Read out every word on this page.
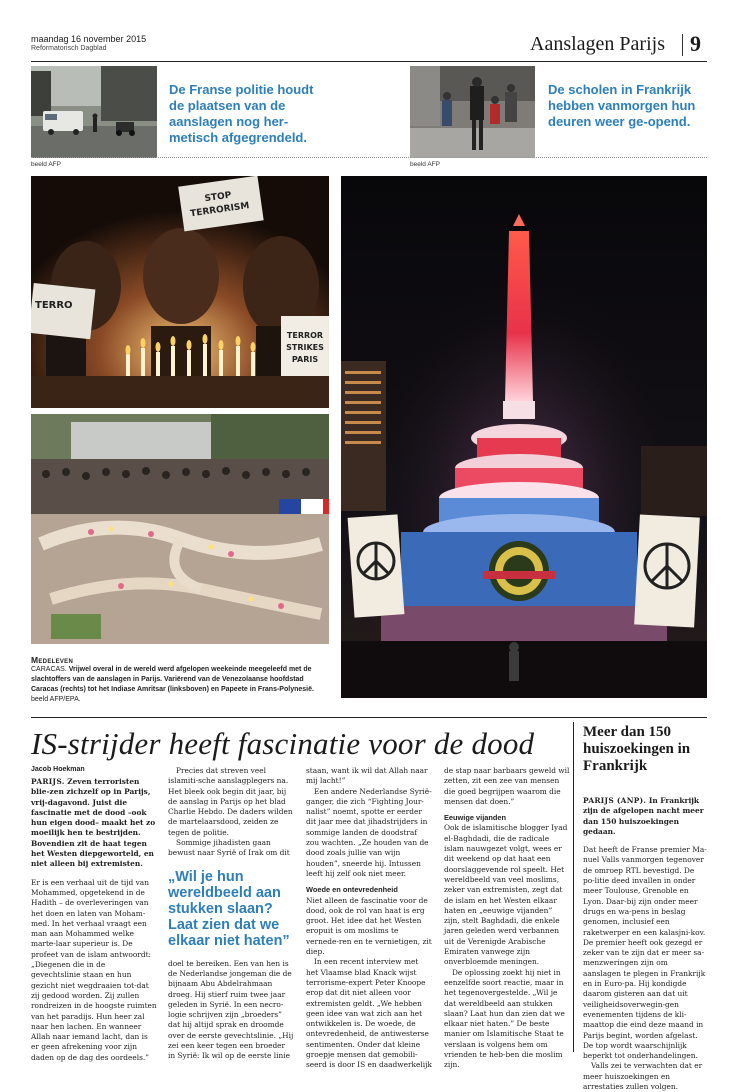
maandag 16 november 2015
Reformatorisch Dagblad	Aanslagen Parijs 9
De Franse politie houdt de plaatsen van de aanslagen nog her-metisch afgegrendeld.
beeld AFP
De scholen in Frankrijk hebben vanmorgen hun deuren weer ge-opend.
beeld AFP
STOP
TERRORISM
TERRO
TERROR
STRIKES
PARIS
Medeleven
CARACAS. Vrijwel overal in de wereld werd afgelopen weekeinde meegeleefd met de slachtoffers van de aanslagen in Parijs. Variërend van de Venezolaanse hoofdstad Caracas (rechts) tot het Indiase Amritsar (linksboven) en Papeete in Frans-Polynesië. beeld AFP/EPA.
IS-strijder heeft fascinatie voor de dood
Jacob Hoekman

PARIJS. Zeven terroristen blie-zen zichzelf op in Parijs, vrij-dagavond. Juist die fascinatie met de dood –ook hun eigen dood– maakt het zo moeilijk hen te bestrijden. Bovendien zit de haat tegen het Westen diepgeworteld, en niet alleen bij extremisten.

Er is een verhaal uit de tijd van Mohammed, opgetekend in de Hadith – de overleveringen van het doen en laten van Moham-med. In het verhaal vraagt een man aan Mohammed welke marte-laar superieur is. De profeet van de islam antwoordt: „Diegenen die in de gevechtslinie staan en hun gezicht niet wegdraaien tot-dat zij gedood worden. Zij zullen rondreizen in de hoogste ruimten van het paradijs. Hun heer zal naar hen lachen. En wanneer Allah naar iemand lacht, dan is er geen afrekening voor zijn daden op de dag des oordeels.”

Precies dat streven veel islamiti-sche aanslagplegers na. Het bleek ook begin dit jaar, bij de aanslag in Parijs op het blad Charlie Hebdo. De daders wilden de martelaarsdood, zeiden ze tegen de politie.

Sommige jihadisten gaan bewust naar Syrië of Irak om dit

„Wil je hun wereldbeeld aan stukken slaan? Laat zien dat we elkaar niet haten”

doel te bereiken. Een van hen is de Nederlandse jongeman die de bijnaam Abu Abdelrahmaan droeg. Hij stierf ruim twee jaar geleden in Syrië. In een necro-logie schrijven zijn „broeders” dat hij altijd sprak en droomde over de eerste gevechtslinie. „Hij zei een keer tegen een broeder in Syrië: Ik wil op de eerste linie

staan, want ik wil dat Allah naar mij lacht!”

Een andere Nederlandse Syrië-ganger, die zich “Fighting Jour-nalist” noemt, spotte er eerder dit jaar mee dat jihadstrijders in sommige landen de doodstraf zou wachten. „Ze houden van de dood zoals jullie van wijn houden”, sneerde hij. Intussen leeft hij zelf ook niet meer.

Woede en ontevredenheid

Niet alleen de fascinatie voor de dood, ook de rol van haat is erg groot. Het idee dat het Westen eropuit is om moslims te vernede-ren en te vernietigen, zit diep.

In een recent interview met het Vlaamse blad Knack wijst terrorisme-expert Peter Knoope erop dat dit niet alleen voor extremisten geldt. „We hebben geen idee van wat zich aan het ontwikkelen is. De woede, de ontevredenheid, de antiwesterse sentimenten. Onder dat kleine groepje mensen dat gemobili-seerd is door IS en daadwerkelijk

de stap naar barbaars geweld wil zetten, zit een zee van mensen die goed begrijpen waarom die mensen dat doen.”

Eeuwige vijanden

Ook de islamitische blogger Iyad el-Baghdadi, die de radicale islam nauwgezet volgt, wees er dit weekend op dat haat een doorslaggevende rol speelt. Het wereldbeeld van veel moslims, zeker van extremisten, zegt dat de islam en het Westen elkaar haten en „eeuwige vijanden” zijn, stelt Baghdadi, die enkele jaren geleden werd verbannen uit de Verenigde Arabische Emiraten vanwege zijn onverbloemde meningen.

De oplossing zoekt hij niet in eenzelfde soort reactie, maar in het tegenovergestelde. „Wil je dat wereldbeeld aan stukken slaan? Laat hun dan zien dat we elkaar niet haten.” De beste manier om Islamitische Staat te verslaan is volgens hem om vrienden te heb-ben die moslim zijn.

Meer dan 150 huiszoekingen in Frankrijk

PARIJS (ANP). In Frankrijk zijn de afgelopen nacht meer dan 150 huiszoekingen gedaan.

Dat heeft de Franse premier Ma-nuel Valls vanmorgen tegenover de omroep RTL bevestigd. De po-litie deed invallen in onder meer Toulouse, Grenoble en Lyon. Daar-bij zijn onder meer drugs en wa-pens in beslag genomen, inclusief een raketwerper en een kalasjni-kov. De premier heeft ook gezegd er zeker van te zijn dat er meer sa-menzweringen zijn om aanslagen te plegen in Frankrijk en in Euro-pa. Hij kondigde daarom gisteren aan dat uit veiligheidsoverwegin-gen evenementen tijdens de kli-maattop die eind deze maand in Parijs begint, worden afgelast. De top wordt waarschijnlijk beperkt tot onderhandelingen.

Valls zei te verwachten dat er meer huiszoekingen en arrestaties zullen volgen.
